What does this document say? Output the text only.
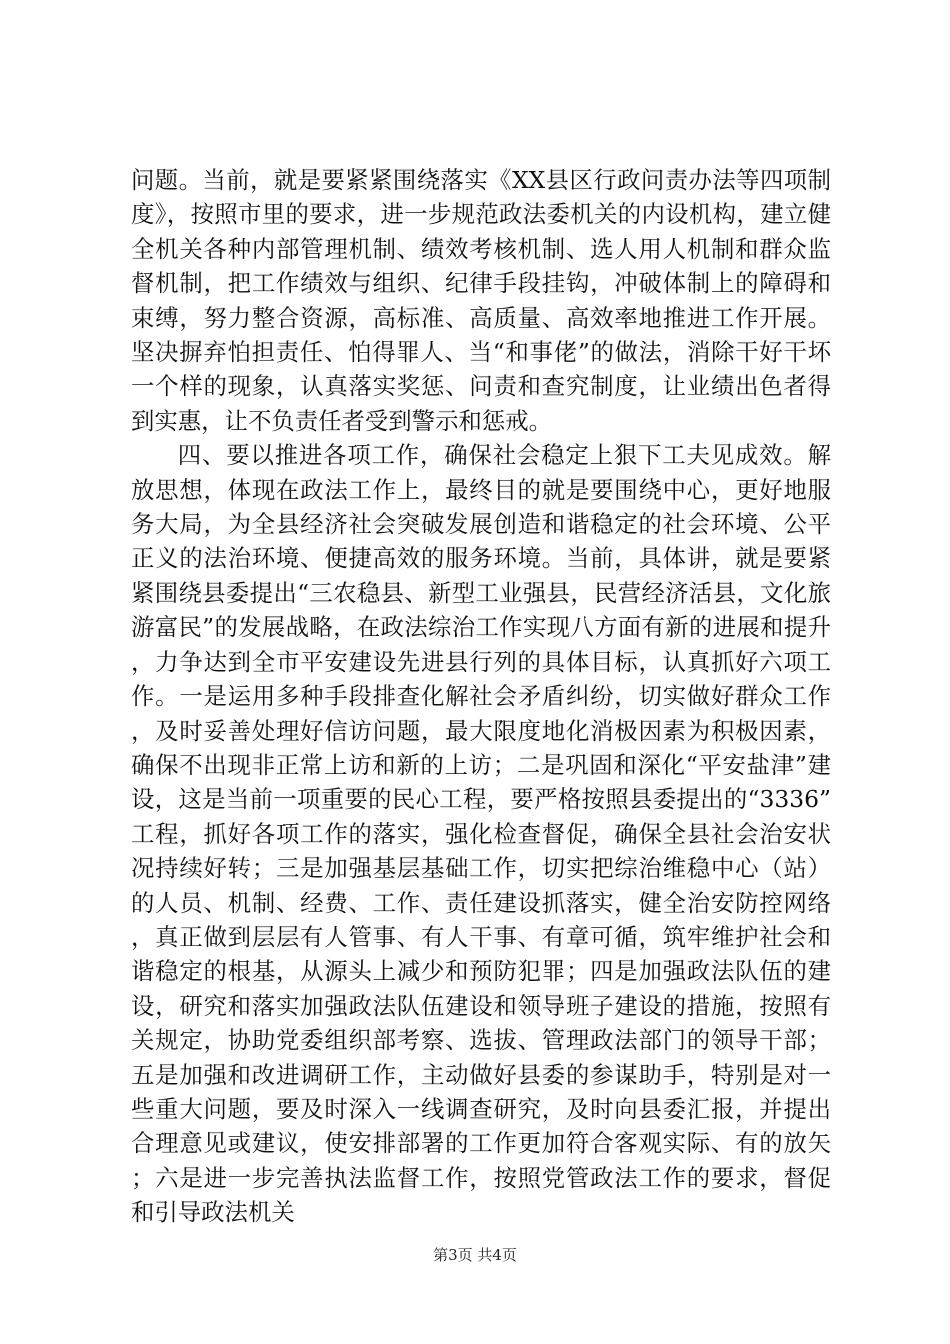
问题。当前，就是要紧紧围绕落实《XX县区行政问责办法等四项制度》，按照市里的要求，进一步规范政法委机关的内设机构，建立健全机关各种内部管理机制、绩效考核机制、选人用人机制和群众监督机制，把工作绩效与组织、纪律手段挂钩，冲破体制上的障碍和束缚，努力整合资源，高标准、高质量、高效率地推进工作开展。坚决摒弃怕担责任、怕得罪人、当“和事佬”的做法，消除干好干坏一个样的现象，认真落实奖惩、问责和查究制度，让业绩出色者得到实惠，让不负责任者受到警示和惩戒。

四、要以推进各项工作，确保社会稳定上狠下工夫见成效。解放思想，体现在政法工作上，最终目的就是要围绕中心，更好地服务大局，为全县经济社会突破发展创造和谐稳定的社会环境、公平正义的法治环境、便捷高效的服务环境。当前，具体讲，就是要紧紧围绕县委提出“三农稳县、新型工业强县，民营经济活县，文化旅游富民”的发展战略，在政法综治工作实现八方面有新的进展和提升，力争达到全市平安建设先进县行列的具体目标，认真抓好六项工作。一是运用多种手段排查化解社会矛盾纠纷，切实做好群众工作，及时妥善处理好信访问题，最大限度地化消极因素为积极因素，确保不出现非正常上访和新的上访；二是巩固和深化“平安盐津”建设，这是当前一项重要的民心工程，要严格按照县委提出的“3336”工程，抓好各项工作的落实，强化检查督促，确保全县社会治安状况持续好转；三是加强基层基础工作，切实把综治维稳中心（站）的人员、机制、经费、工作、责任建设抓落实，健全治安防控网络，真正做到层层有人管事、有人干事、有章可循，筑牢维护社会和谐稳定的根基，从源头上减少和预防犯罪；四是加强政法队伍的建设，研究和落实加强政法队伍建设和领导班子建设的措施，按照有关规定，协助党委组织部考察、选拔、管理政法部门的领导干部；五是加强和改进调研工作，主动做好县委的参谋助手，特别是对一些重大问题，要及时深入一线调查研究，及时向县委汇报，并提出合理意见或建议，使安排部署的工作更加符合客观实际、有的放矢；六是进一步完善执法监督工作，按照党管政法工作的要求，督促和引导政法机关

第3页 共4页
